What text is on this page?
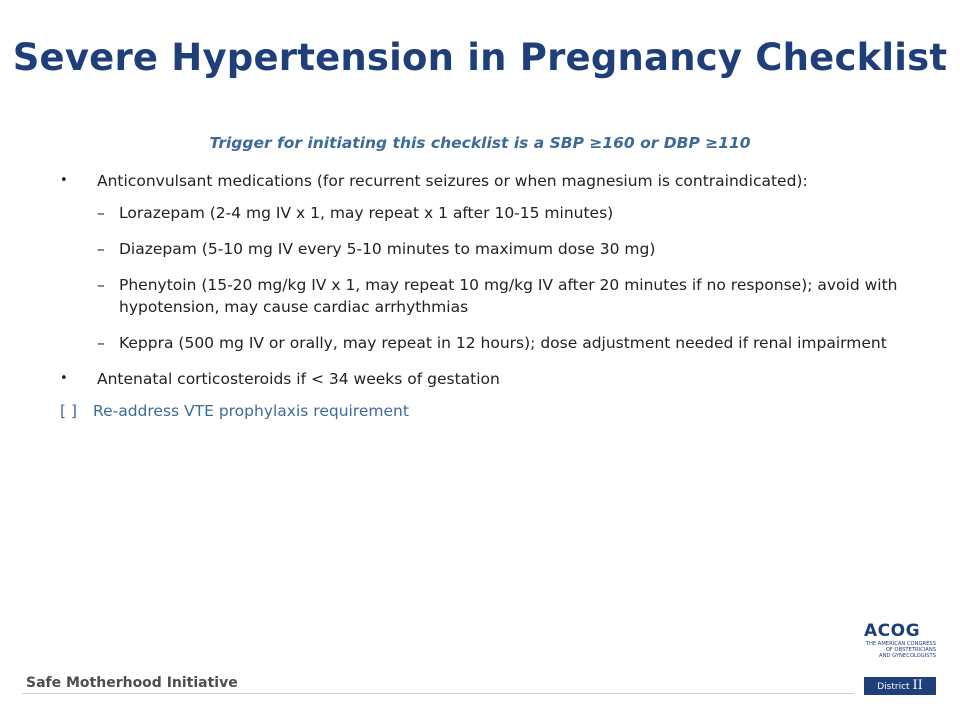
Severe Hypertension in Pregnancy Checklist
Trigger for initiating this checklist is a SBP ≥160 or DBP ≥110
• Anticonvulsant medications (for recurrent seizures or when magnesium is contraindicated):
– Lorazepam (2-4 mg IV x 1, may repeat x 1 after 10-15 minutes)
– Diazepam (5-10 mg IV every 5-10 minutes to maximum dose 30 mg)
– Phenytoin (15-20 mg/kg IV x 1, may repeat 10 mg/kg IV after 20 minutes if no response); avoid with hypotension, may cause cardiac arrhythmias
– Keppra (500 mg IV or orally, may repeat in 12 hours); dose adjustment needed if renal impairment
• Antenatal corticosteroids if < 34 weeks of gestation
[ ] Re-address VTE prophylaxis requirement
Safe Motherhood Initiative
ACOG
THE AMERICAN CONGRESS
OF OBSTETRICIANS
AND GYNECOLOGISTS
District II
